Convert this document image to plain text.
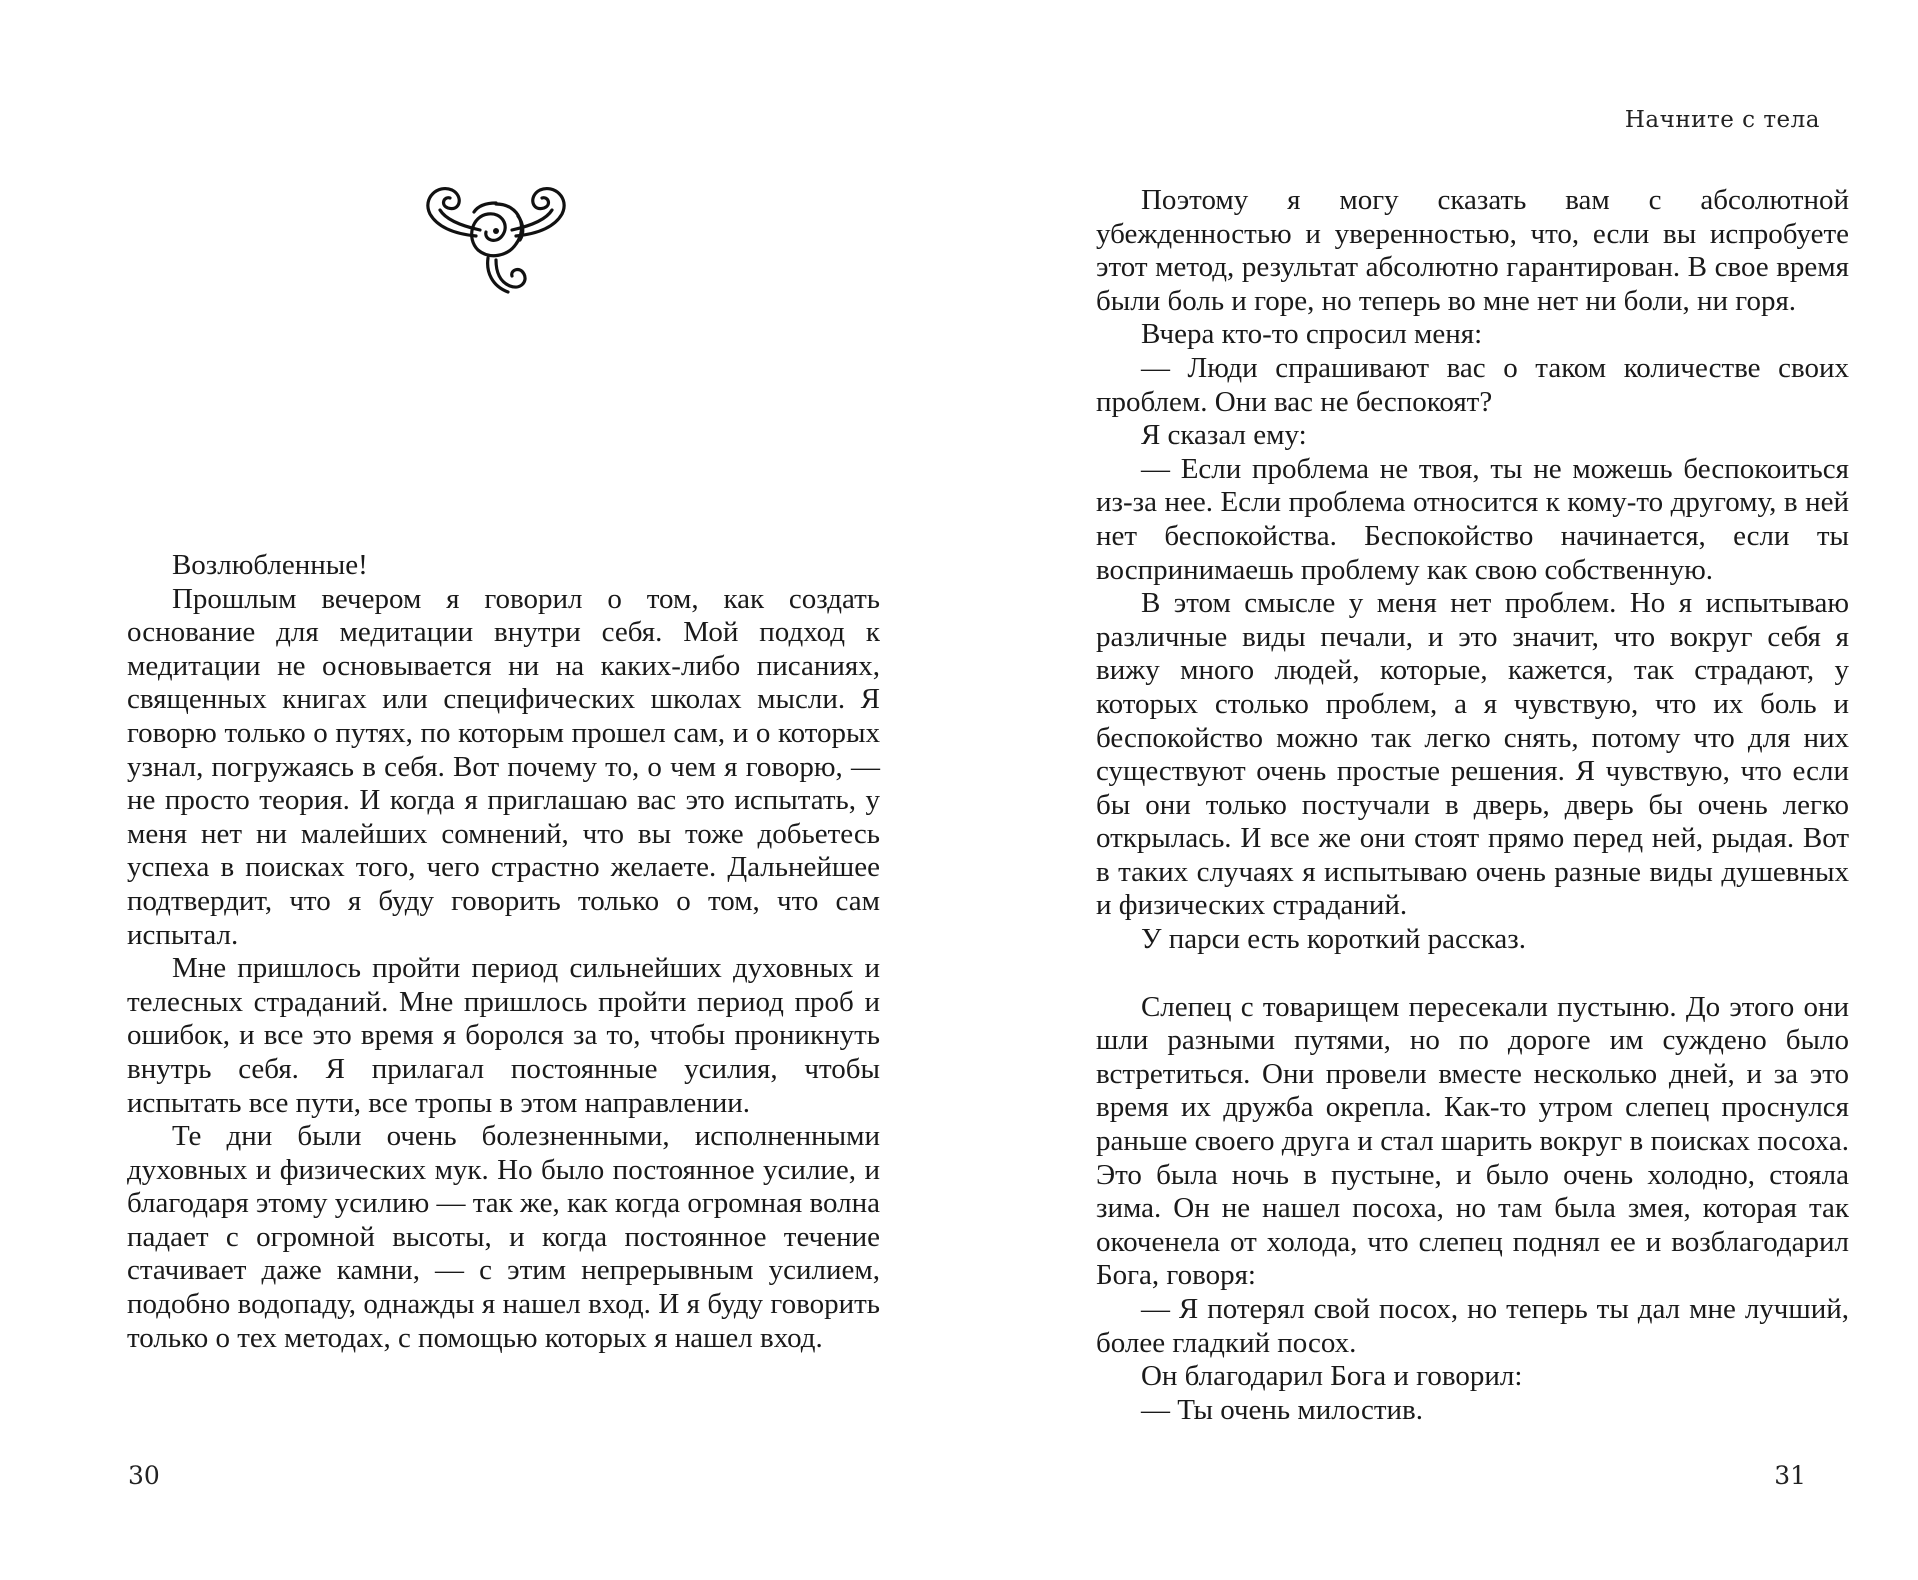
Возлюбленные!

Прошлым вечером я говорил о том, как создать основание для медитации внутри себя. Мой подход к медитации не основывается ни на каких-либо писаниях, священных книгах или специфических школах мысли. Я говорю только о путях, по которым прошел сам, и о которых узнал, погружаясь в себя. Вот почему то, о чем я говорю, — не просто теория. И когда я приглашаю вас это испытать, у меня нет ни малейших сомнений, что вы тоже добьетесь успеха в поисках того, чего страстно желаете. Дальнейшее подтвердит, что я буду говорить только о том, что сам испытал.

Мне пришлось пройти период сильнейших духовных и телесных страданий. Мне пришлось пройти период проб и ошибок, и все это время я боролся за то, чтобы проникнуть внутрь себя. Я прилагал постоянные усилия, чтобы испытать все пути, все тропы в этом направлении.

Те дни были очень болезненными, исполненными духовных и физических мук. Но было постоянное усилие, и благодаря этому усилию — так же, как когда огромная волна падает с огромной высоты, и когда постоянное течение стачивает даже камни, — с этим непрерывным усилием, подобно водопаду, однажды я нашел вход. И я буду говорить только о тех методах, с помощью которых я нашел вход.

30

Начните с тела

Поэтому я могу сказать вам с абсолютной убежденностью и уверенностью, что, если вы испробуете этот метод, результат абсолютно гарантирован. В свое время были боль и горе, но теперь во мне нет ни боли, ни горя.

Вчера кто-то спросил меня:

— Люди спрашивают вас о таком количестве своих проблем. Они вас не беспокоят?

Я сказал ему:

— Если проблема не твоя, ты не можешь беспокоиться из-за нее. Если проблема относится к кому-то другому, в ней нет беспокойства. Беспокойство начинается, если ты воспринимаешь проблему как свою собственную.

В этом смысле у меня нет проблем. Но я испытываю различные виды печали, и это значит, что вокруг себя я вижу много людей, которые, кажется, так страдают, у которых столько проблем, а я чувствую, что их боль и беспокойство можно так легко снять, потому что для них существуют очень простые решения. Я чувствую, что если бы они только постучали в дверь, дверь бы очень легко открылась. И все же они стоят прямо перед ней, рыдая. Вот в таких случаях я испытываю очень разные виды душевных и физических страданий.

У парси есть короткий рассказ.

Слепец с товарищем пересекали пустыню. До этого они шли разными путями, но по дороге им суждено было встретиться. Они провели вместе несколько дней, и за это время их дружба окрепла. Как-то утром слепец проснулся раньше своего друга и стал шарить вокруг в поисках посоха. Это была ночь в пустыне, и было очень холодно, стояла зима. Он не нашел посоха, но там была змея, которая так окоченела от холода, что слепец поднял ее и возблагодарил Бога, говоря:

— Я потерял свой посох, но теперь ты дал мне лучший, более гладкий посох.

Он благодарил Бога и говорил:

— Ты очень милостив.

31
